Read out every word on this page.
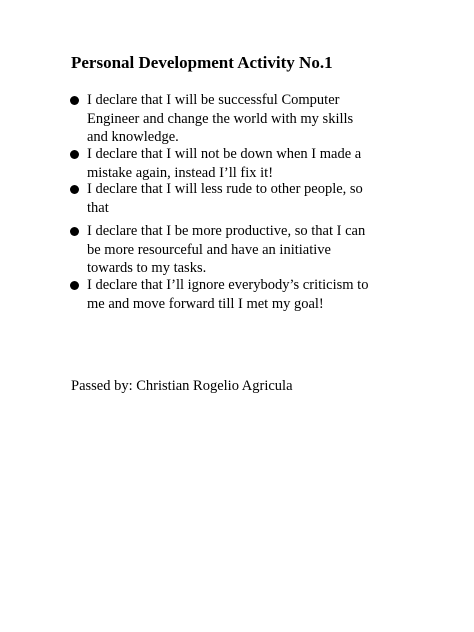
Personal Development Activity No.1
I declare that I will be successful Computer
Engineer and change the world with my skills
and knowledge.
I declare that I will not be down when I made a
mistake again, instead I’ll fix it!
I declare that I will less rude to other people, so
that
I declare that I be more productive, so that I can
be more resourceful and have an initiative
towards to my tasks.
I declare that I’ll ignore everybody’s criticism to
me and move forward till I met my goal!
Passed by: Christian Rogelio Agricula
